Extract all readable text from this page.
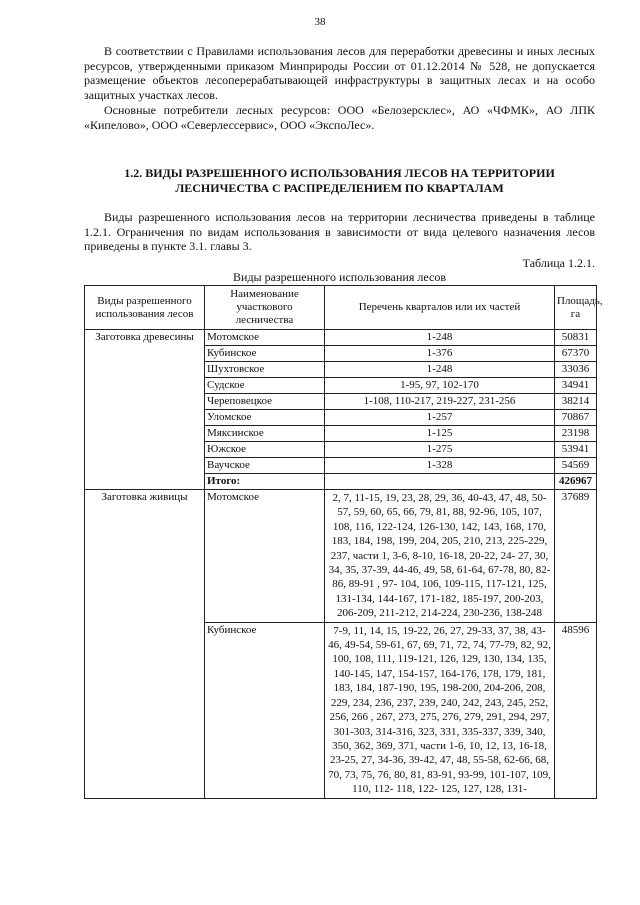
38

В соответствии с Правилами использования лесов для переработки древесины и иных лесных ресурсов, утвержденными приказом Минприроды России от 01.12.2014 № 528, не допускается размещение объектов лесоперерабатывающей инфраструктуры в защитных лесах и на особо защитных участках лесов.

Основные потребители лесных ресурсов: ООО «Белозерсклес», АО «ЧФМК», АО ЛПК «Кипелово», ООО «Северлессервис», ООО «ЭкспоЛес».

1.2. ВИДЫ РАЗРЕШЕННОГО ИСПОЛЬЗОВАНИЯ ЛЕСОВ НА ТЕРРИТОРИИ ЛЕСНИЧЕСТВА С РАСПРЕДЕЛЕНИЕМ ПО КВАРТАЛАМ

Виды разрешенного использования лесов на территории лесничества приведены в таблице 1.2.1. Ограничения по видам использования в зависимости от вида целевого назначения лесов приведены в пункте 3.1. главы 3.

Таблица 1.2.1.
Виды разрешенного использования лесов
Виды разрешенного использования лесов	Наименование участкового лесничества	Перечень кварталов или их частей	Площадь, га
Заготовка древесины	Мотомское	1-248	50831
	Кубинское	1-376	67370
	Шухтовское	1-248	33036
	Судское	1-95, 97, 102-170	34941
	Череповецкое	1-108, 110-217, 219-227, 231-256	38214
	Уломское	1-257	70867
	Мяксинское	1-125	23198
	Южское	1-275	53941
	Ваучское	1-328	54569
	Итого:		426967
Заготовка живицы	Мотомское	2, 7, 11-15, 19, 23, 28, 29, 36, 40-43, 47, 48, 50-57, 59, 60, 65, 66, 79, 81, 88, 92-96, 105, 107, 108, 116, 122-124, 126-130, 142, 143, 168, 170, 183, 184, 198, 199, 204, 205, 210, 213, 225-229, 237, части 1, 3-6, 8-10, 16-18, 20-22, 24- 27, 30, 34, 35, 37-39, 44-46, 49, 58, 61-64, 67-78, 80, 82-86, 89-91 , 97- 104, 106, 109-115, 117-121, 125, 131-134, 144-167, 171-182, 185-197, 200-203, 206-209, 211-212, 214-224, 230-236, 138-248	37689
	Кубинское	7-9, 11, 14, 15, 19-22, 26, 27, 29-33, 37, 38, 43-46, 49-54, 59-61, 67, 69, 71, 72, 74, 77-79, 82, 92, 100, 108, 111, 119-121, 126, 129, 130, 134, 135, 140-145, 147, 154-157, 164-176, 178, 179, 181, 183, 184, 187-190, 195, 198-200, 204-206, 208, 229, 234, 236, 237, 239, 240, 242, 243, 245, 252, 256, 266 , 267, 273, 275, 276, 279, 291, 294, 297, 301-303, 314-316, 323, 331, 335-337, 339, 340, 350, 362, 369, 371, части 1-6, 10, 12, 13, 16-18, 23-25, 27, 34-36, 39-42, 47, 48, 55-58, 62-66, 68, 70, 73, 75, 76, 80, 81, 83-91, 93-99, 101-107, 109, 110, 112- 118, 122- 125, 127, 128, 131-	48596
